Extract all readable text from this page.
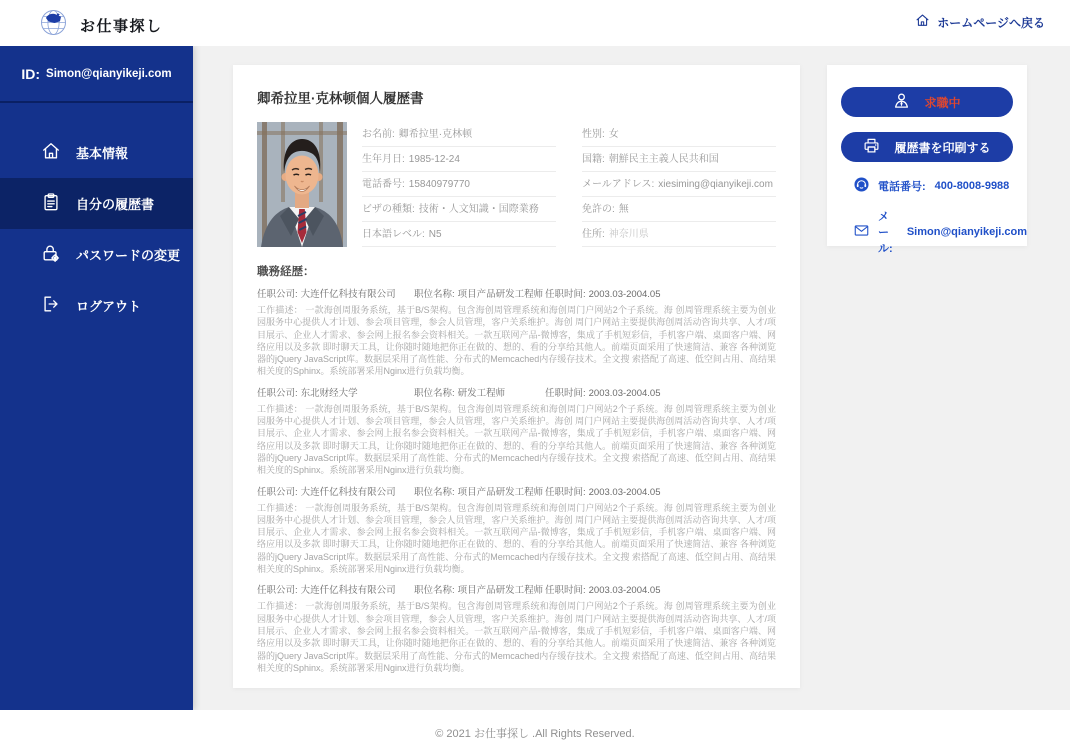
お仕事探し	ホームページへ戻る
ID: Simon@qianyikeji.com
基本情報
自分の履歴書
パスワードの変更
ログアウト
卿希拉里·克林顿個人履歴書
お名前: 卿希拉里·克林顿	性別: 女
生年月日: 1985-12-24	国籍: 朝鮮民主主義人民共和国
電話番号: 15840979770	メールアドレス: xiesiming@qianyikeji.com
ビザの種類: 技術・人文知識・国際業務	免許の: 無
日本語レベル: N5	住所: 神奈川県
職務経歴：
任职公司: 大连仟亿科技有限公司	职位名称: 项目产品研发工程师 任职时间: 2003.03-2004.05
工作描述： 一款海创周服务系统，基于B/S架构。包含海创周管理系统和海创周门户网站2个子系统。海 创周管理系统主要为创业园服务中心提供人才计划、参会项目管理，参会人员管理，客户关系维护。海创 周门户网站主要提供海创周活动咨询共享、人才/项目展示、企业人才需求、参会网上报名参会资料相关。一款互联网产品-微博客，集成了手机短彩信，手机客户端、桌面客户端、网络应用以及多款 即时聊天工具，让你随时随地把你正在做的、想的、看的分享给其他人。前端页面采用了快速简洁、兼容 各种浏览器的jQuery JavaScript库。数据层采用了高性能、分布式的Memcached内存缓存技术。全文搜 索搭配了高速、低空间占用、高结果相关度的Sphinx。系统部署采用Nginx进行负载均衡。
任职公司: 东北财经大学	职位名称: 研发工程师	任职时间: 2003.03-2004.05
工作描述： 一款海创周服务系统，基于B/S架构。包含海创周管理系统和海创周门户网站2个子系统。海 创周管理系统主要为创业园服务中心提供人才计划、参会项目管理，参会人员管理，客户关系维护。海创 周门户网站主要提供海创周活动咨询共享、人才/项目展示、企业人才需求、参会网上报名参会资料相关。一款互联网产品-微博客，集成了手机短彩信，手机客户端、桌面客户端、网络应用以及多款 即时聊天工具，让你随时随地把你正在做的、想的、看的分享给其他人。前端页面采用了快速简洁、兼容 各种浏览器的jQuery JavaScript库。数据层采用了高性能、分布式的Memcached内存缓存技术。全文搜 索搭配了高速、低空间占用、高结果相关度的Sphinx。系统部署采用Nginx进行负载均衡。
任职公司: 大连仟亿科技有限公司	职位名称: 项目产品研发工程师 任职时间: 2003.03-2004.05
工作描述： 一款海创周服务系统，基于B/S架构。包含海创周管理系统和海创周门户网站2个子系统。海 创周管理系统主要为创业园服务中心提供人才计划、参会项目管理，参会人员管理，客户关系维护。海创 周门户网站主要提供海创周活动咨询共享、人才/项目展示、企业人才需求、参会网上报名参会资料相关。一款互联网产品-微博客，集成了手机短彩信，手机客户端、桌面客户端、网络应用以及多款 即时聊天工具，让你随时随地把你正在做的、想的、看的分享给其他人。前端页面采用了快速简洁、兼容 各种浏览器的jQuery JavaScript库。数据层采用了高性能、分布式的Memcached内存缓存技术。全文搜 索搭配了高速、低空间占用、高结果相关度的Sphinx。系统部署采用Nginx进行负载均衡。
任职公司: 大连仟亿科技有限公司	职位名称: 项目产品研发工程师 任职时间: 2003.03-2004.05
工作描述： 一款海创周服务系统，基于B/S架构。包含海创周管理系统和海创周门户网站2个子系统。海 创周管理系统主要为创业园服务中心提供人才计划、参会项目管理，参会人员管理，客户关系维护。海创 周门户网站主要提供海创周活动咨询共享、人才/项目展示、企业人才需求、参会网上报名参会资料相关。一款互联网产品-微博客，集成了手机短彩信，手机客户端、桌面客户端、网络应用以及多款 即时聊天工具，让你随时随地把你正在做的、想的、看的分享给其他人。前端页面采用了快速简洁、兼容 各种浏览器的jQuery JavaScript库。数据层采用了高性能、分布式的Memcached内存缓存技术。全文搜 索搭配了高速、低空间占用、高结果相关度的Sphinx。系统部署采用Nginx进行负载均衡。
求職中
履歴書を印刷する
電話番号: 400-8008-9988
メール:
Simon@qianyikeji.com
© 2021 お仕事探し .All Rights Reserved.
